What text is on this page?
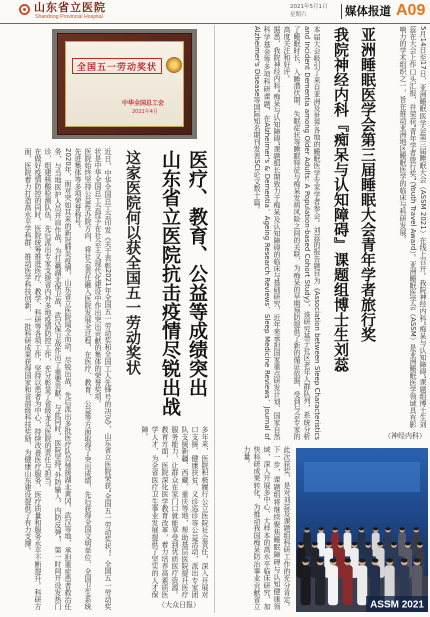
山东省立医院
Shandong Provincial Hospital
2021年5月1日
星期六	媒体报道 A09
全国五一劳动奖状
中华全国总工会
2021年4月
医疗、教育、公益等成绩突出
山东省立医院抗击疫情尽锐出战
这家医院何以获全国五一劳动奖状
近日，中华全国总工会印发《关于表彰2021年全国五一劳动奖和全国工人先锋号的决定》，山东省立医院荣获“全国五一劳动奖状”。全国五一劳动奖状是中华全国总工会授予在社会主义现代化建设中作出突出贡献的集体的荣誉奖项。
医院始终坚持公益性办院方向，将社会责任融入医院发展全过程，在医疗、教育、公益等方面取得了突出成绩，先后获得全国文明单位、全国卫生系统先进集体等多项荣誉称号。
2020年，面对突如其来的新冠肺炎疫情，山东省立医院闻令而动、尽锐出战，先后派出多批医疗队员驰援湖北黄冈、武汉等地，承担重症患者救治任务，与当地医护人员并肩作战，为打赢湖北保卫战、武汉保卫战作出了重要贡献。与此同时，医院坚持“外防输入、内防反弹”，第一时间开设发热门诊，组建核酸检测队伍，先后派出专家支援省内外多地疫情防控工作，充分彰显了省级龙头医院的责任与担当。
在做好疫情防控的同时，医院统筹推进医疗、教学、科研等各项工作，坚持以患者为中心，持续改善医疗服务，医疗质量和服务水平不断提升。科研方面，医院着力打造高水平学科群，推动医学科技创新，一批科研成果获得国家和省部级科技奖励，为健康山东建设提供了有力支撑。	多年来，医院积极履行公立医院社会责任，深入开展对口支援、健康扶贫、义诊巡诊等公益活动，派出专家团队支援新疆、西藏、重庆等地，帮助基层医院提升医疗服务能力，让群众在家门口就能享受到优质医疗资源。教育方面，医院深化医学教育改革，着力培养高素质医学人才，为全省医疗卫生事业发展提供了坚实的人才保障。
（大众日报）
亚洲睡眠医学会第三届睡眠大会青年学者旅行奖
我院神经内科『痴呆与认知障碍』课题组博士生刘蕊	5月14日至17日，亚洲睡眠医学会第三届睡眠大会（ASSM 2021）在线上召开。我院神经内科“痴呆与认知障碍”课题组博士生刘蕊在大会上作口头汇报，并荣获“青年学者旅行奖”（Youth Travel Award）。亚洲睡眠医学会（ASSM）是亚洲睡眠医学领域具有影响力的学术组织之一，旨在推动亚洲地区睡眠医学的临床与科研发展。
本届大会吸引了来自亚洲及世界各地的睡眠医学专家学者参会。刘蕊的报告题目为《Association between Sleep Characteristics and Incident Dementia among Older Adults: A Population-based Cohort Study》，该研究基于社区老年人群队列，系统分析了睡眠时长、入睡潜伏期、失眠症状等睡眠特征与痴呆发病风险之间的关联，为痴呆的早期预防提供了新的循证依据，受到与会专家的高度关注和好评。
据悉，我院神经内科“痴呆与认知障碍”课题组长期致力于痴呆及认知障碍的临床与基础研究，近年来承担国家重点研发计划、国家自然科学基金等多项科研课题，在Alzheimer's & Dementia、Ageing Research Reviews、Sleep Medicine Reviews、Journal of Alzheimer's Disease等国际知名期刊发表SCI论文数十篇。
此次获奖，是对刘蕊及课题组科研工作的充分肯定。下一步，课题组将继续聚焦睡眠障碍与认知健康领域，深入开展多中心、大样本的高水平临床研究，加快科研成果转化，为推动我国痴呆防治事业贡献省立力量。
（神经内科）
ASSM 2021
